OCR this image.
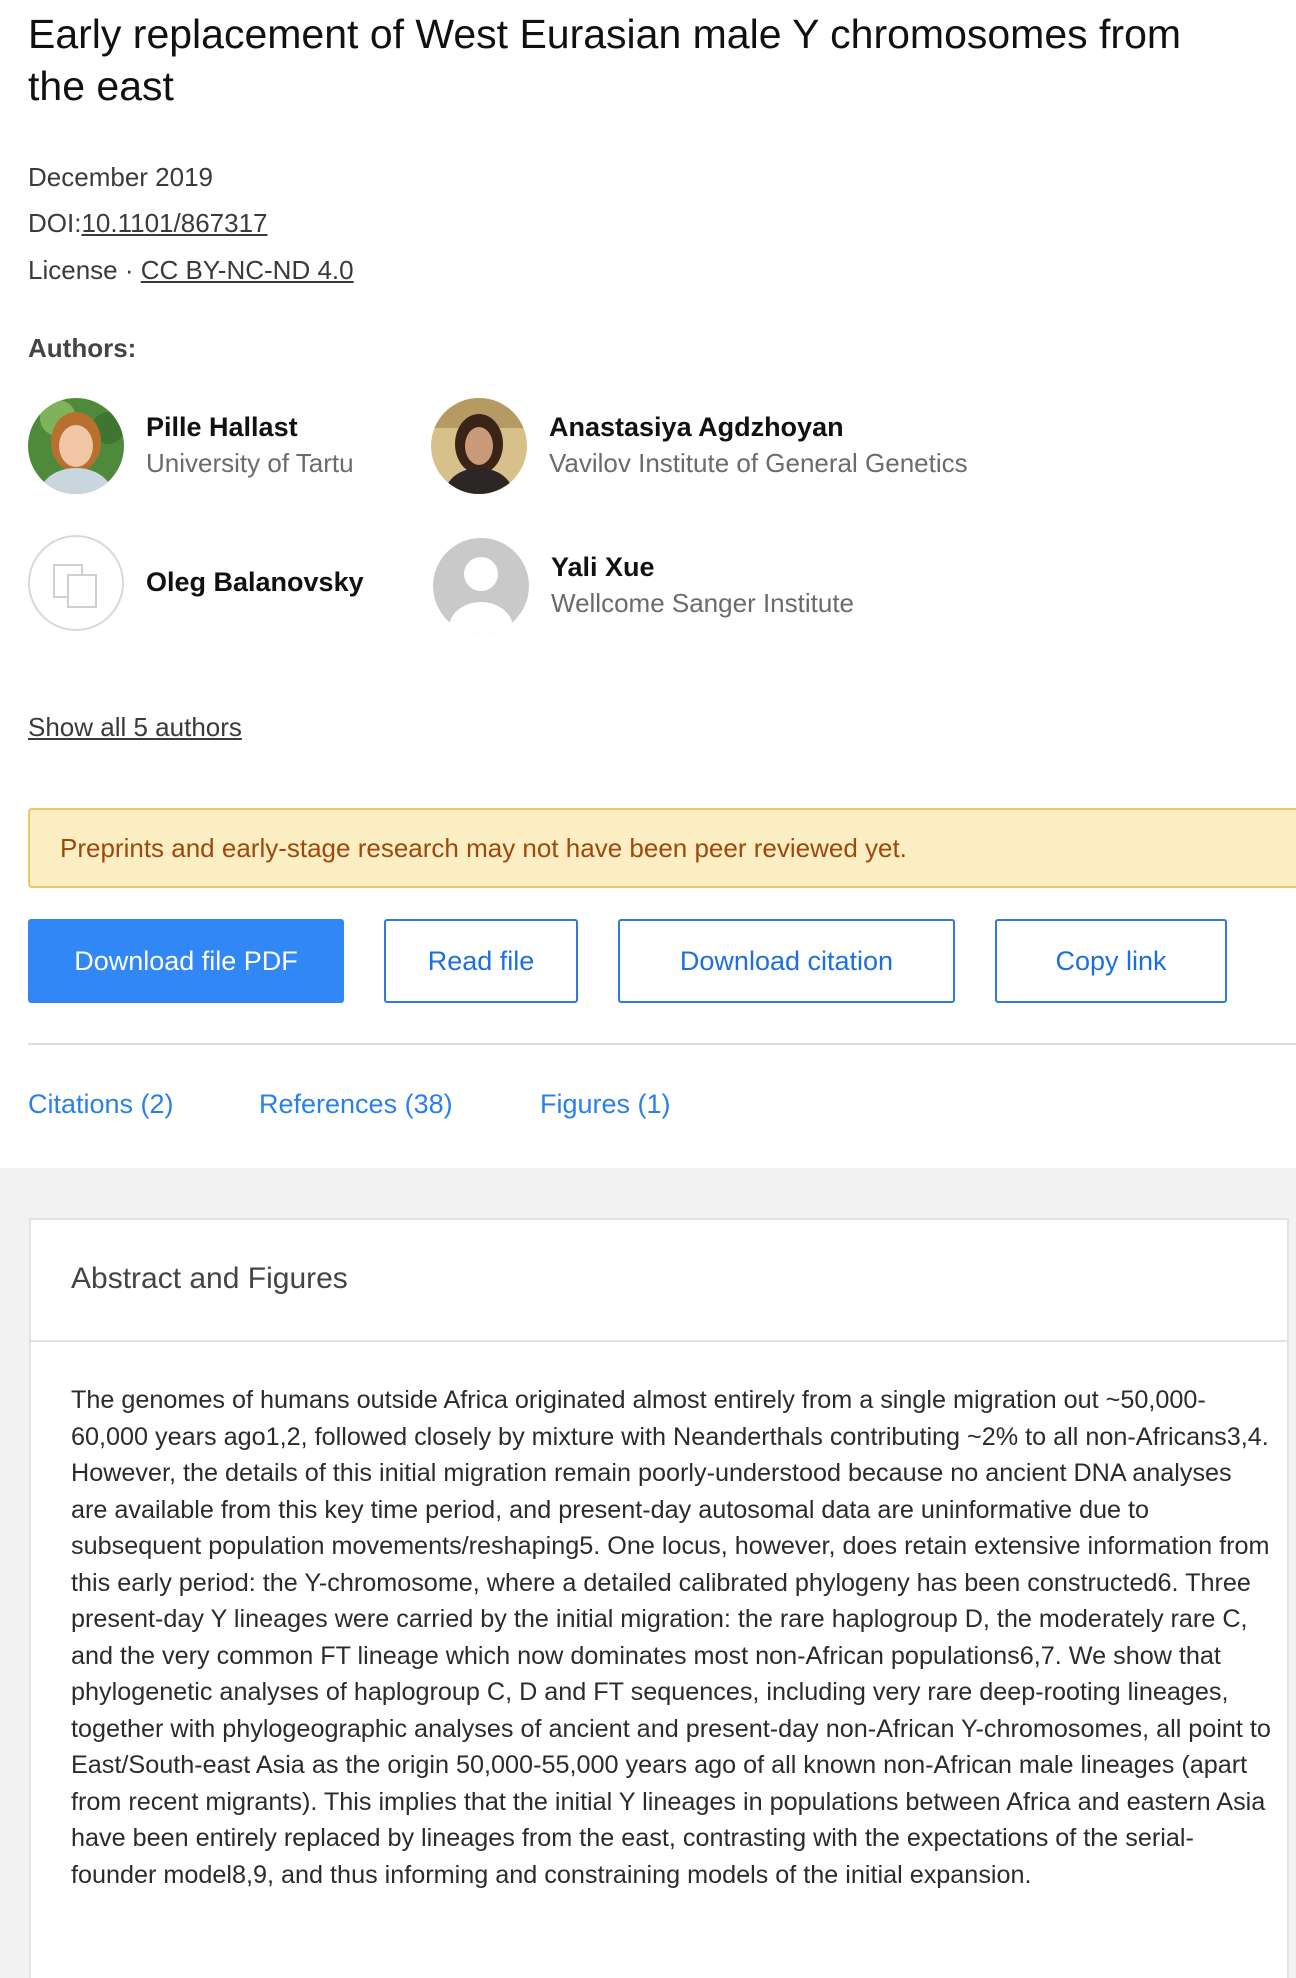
Early replacement of West Eurasian male Y chromosomes from the east
December 2019
DOI:10.1101/867317
License · CC BY-NC-ND 4.0
Authors:
Pille Hallast
University of Tartu
Anastasiya Agdzhoyan
Vavilov Institute of General Genetics
Oleg Balanovsky	Yali Xue
Wellcome Sanger Institute
Show all 5 authors
Preprints and early-stage research may not have been peer reviewed yet.
Download file PDF	Read file	Download citation	Copy link
Citations (2)	References (38)	Figures (1)
Abstract and Figures

The genomes of humans outside Africa originated almost entirely from a single migration out ~50,000-60,000 years ago1,2, followed closely by mixture with Neanderthals contributing ~2% to all non-Africans3,4. However, the details of this initial migration remain poorly-understood because no ancient DNA analyses are available from this key time period, and present-day autosomal data are uninformative due to subsequent population movements/reshaping5. One locus, however, does retain extensive information from this early period: the Y-chromosome, where a detailed calibrated phylogeny has been constructed6. Three present-day Y lineages were carried by the initial migration: the rare haplogroup D, the moderately rare C, and the very common FT lineage which now dominates most non-African populations6,7. We show that phylogenetic analyses of haplogroup C, D and FT sequences, including very rare deep-rooting lineages, together with phylogeographic analyses of ancient and present-day non-African Y-chromosomes, all point to East/South-east Asia as the origin 50,000-55,000 years ago of all known non-African male lineages (apart from recent migrants). This implies that the initial Y lineages in populations between Africa and eastern Asia have been entirely replaced by lineages from the east, contrasting with the expectations of the serial-founder model8,9, and thus informing and constraining models of the initial expansion.
